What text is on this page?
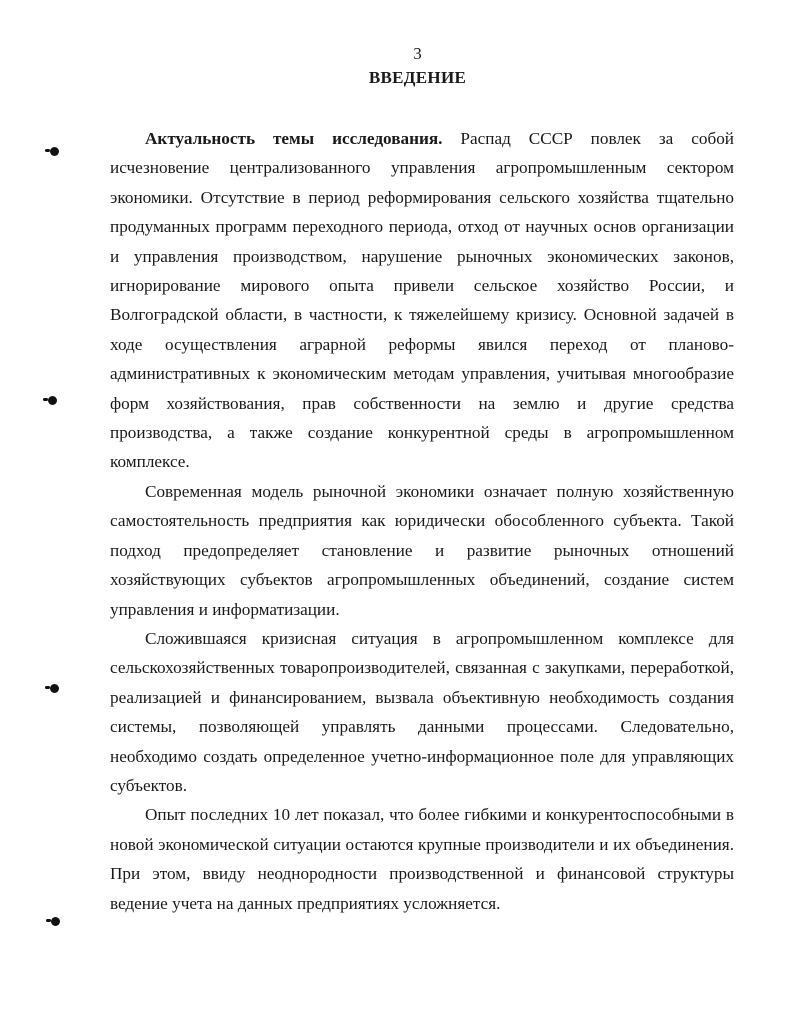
3
ВВЕДЕНИЕ

Актуальность темы исследования. Распад СССР повлек за собой исчезновение централизованного управления агропромышленным сектором экономики. Отсутствие в период реформирования сельского хозяйства тщательно продуманных программ переходного периода, отход от научных основ организации и управления производством, нарушение рыночных экономических законов, игнорирование мирового опыта привели сельское хозяйство России, и Волгоградской области, в частности, к тяжелейшему кризису. Основной задачей в ходе осуществления аграрной реформы явился переход от планово-административных к экономическим методам управления, учитывая многообразие форм хозяйствования, прав собственности на землю и другие средства производства, а также создание конкурентной среды в агропромышленном комплексе.

Современная модель рыночной экономики означает полную хозяйственную самостоятельность предприятия как юридически обособленного субъекта. Такой подход предопределяет становление и развитие рыночных отношений хозяйствующих субъектов агропромышленных объединений, создание систем управления и информатизации.

Сложившаяся кризисная ситуация в агропромышленном комплексе для сельскохозяйственных товаропроизводителей, связанная с закупками, переработкой, реализацией и финансированием, вызвала объективную необходимость создания системы, позволяющей управлять данными процессами. Следовательно, необходимо создать определенное учетно-информационное поле для управляющих субъектов.

Опыт последних 10 лет показал, что более гибкими и конкурентоспособными в новой экономической ситуации остаются крупные производители и их объединения. При этом, ввиду неоднородности производственной и финансовой структуры ведение учета на данных предприятиях усложняется.
